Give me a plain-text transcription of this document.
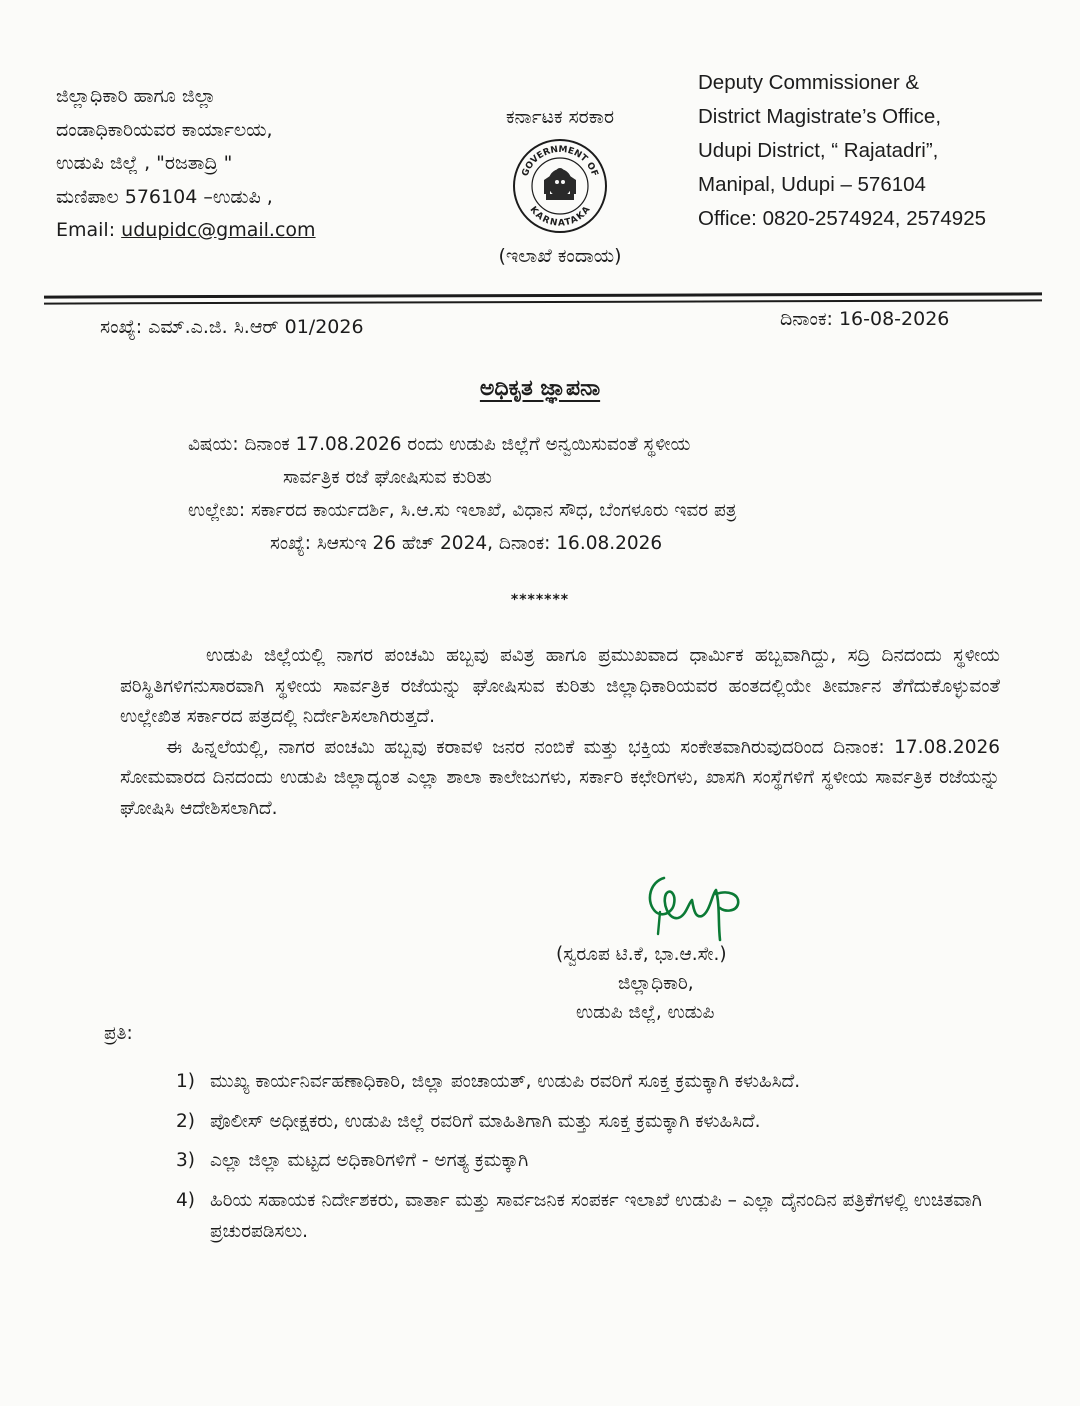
ಜಿಲ್ಲಾಧಿಕಾರಿ ಹಾಗೂ ಜಿಲ್ಲಾ
ದಂಡಾಧಿಕಾರಿಯವರ ಕಾರ್ಯಾಲಯ,
ಉಡುಪಿ ಜಿಲ್ಲೆ , "ರಜತಾದ್ರಿ "
ಮಣಿಪಾಲ 576104 –ಉಡುಪಿ ,
Email: udupidc@gmail.com
ಕರ್ನಾಟಕ ಸರಕಾರ
GOVERNMENT OF
KARNATAKA
(ಇಲಾಖೆ ಕಂದಾಯ)
Deputy Commissioner &
District Magistrate’s Office,
Udupi District, “ Rajatadri”,
Manipal, Udupi – 576104
Office: 0820-2574924, 2574925
ಸಂಖ್ಯೆ: ಎಮ್.ಎ.ಜಿ. ಸಿ.ಆರ್ 01/2026	ದಿನಾಂಕ: 16-08-2026
ಅಧಿಕೃತ ಜ್ಞಾಪನಾ
ವಿಷಯ: ದಿನಾಂಕ 17.08.2026 ರಂದು ಉಡುಪಿ ಜಿಲ್ಲೆಗೆ ಅನ್ವಯಿಸುವಂತೆ ಸ್ಥಳೀಯ
ಸಾರ್ವತ್ರಿಕ ರಜೆ ಘೋಷಿಸುವ ಕುರಿತು
ಉಲ್ಲೇಖ: ಸರ್ಕಾರದ ಕಾರ್ಯದರ್ಶಿ, ಸಿ.ಆ.ಸು ಇಲಾಖೆ, ವಿಧಾನ ಸೌಧ, ಬೆಂಗಳೂರು ಇವರ ಪತ್ರ
ಸಂಖ್ಯೆ: ಸಿಆಸುಇ 26 ಹೆಚ್ 2024, ದಿನಾಂಕ: 16.08.2026
*******

ಉಡುಪಿ ಜಿಲ್ಲೆಯಲ್ಲಿ ನಾಗರ ಪಂಚಮಿ ಹಬ್ಬವು ಪವಿತ್ರ ಹಾಗೂ ಪ್ರಮುಖವಾದ ಧಾರ್ಮಿಕ ಹಬ್ಬವಾಗಿದ್ದು, ಸದ್ರಿ ದಿನದಂದು ಸ್ಥಳೀಯ ಪರಿಸ್ಥಿತಿಗಳಿಗನುಸಾರವಾಗಿ ಸ್ಥಳೀಯ ಸಾರ್ವತ್ರಿಕ ರಜೆಯನ್ನು ಘೋಷಿಸುವ ಕುರಿತು ಜಿಲ್ಲಾಧಿಕಾರಿಯವರ ಹಂತದಲ್ಲಿಯೇ ತೀರ್ಮಾನ ತೆಗೆದುಕೊಳ್ಳುವಂತೆ ಉಲ್ಲೇಖಿತ ಸರ್ಕಾರದ ಪತ್ರದಲ್ಲಿ ನಿರ್ದೇಶಿಸಲಾಗಿರುತ್ತದೆ.

ಈ ಹಿನ್ನಲೆಯಲ್ಲಿ, ನಾಗರ ಪಂಚಮಿ ಹಬ್ಬವು ಕರಾವಳಿ ಜನರ ನಂಬಿಕೆ ಮತ್ತು ಭಕ್ತಿಯ ಸಂಕೇತವಾಗಿರುವುದರಿಂದ ದಿನಾಂಕ: 17.08.2026 ಸೋಮವಾರದ ದಿನದಂದು ಉಡುಪಿ ಜಿಲ್ಲಾದ್ಯಂತ ಎಲ್ಲಾ ಶಾಲಾ ಕಾಲೇಜುಗಳು, ಸರ್ಕಾರಿ ಕಛೇರಿಗಳು, ಖಾಸಗಿ ಸಂಸ್ಥೆಗಳಿಗೆ ಸ್ಥಳೀಯ ಸಾರ್ವತ್ರಿಕ ರಜೆಯನ್ನು ಘೋಷಿಸಿ ಆದೇಶಿಸಲಾಗಿದೆ.

(ಸ್ವರೂಪ ಟಿ.ಕೆ, ಭಾ.ಆ.ಸೇ.)
ಜಿಲ್ಲಾಧಿಕಾರಿ,
ಉಡುಪಿ ಜಿಲ್ಲೆ, ಉಡುಪಿ
ಪ್ರತಿ:
1) ಮುಖ್ಯ ಕಾರ್ಯನಿರ್ವಹಣಾಧಿಕಾರಿ, ಜಿಲ್ಲಾ ಪಂಚಾಯತ್, ಉಡುಪಿ ರವರಿಗೆ ಸೂಕ್ತ ಕ್ರಮಕ್ಕಾಗಿ ಕಳುಹಿಸಿದೆ.
2) ಪೊಲೀಸ್ ಅಧೀಕ್ಷಕರು, ಉಡುಪಿ ಜಿಲ್ಲೆ ರವರಿಗೆ ಮಾಹಿತಿಗಾಗಿ ಮತ್ತು ಸೂಕ್ತ ಕ್ರಮಕ್ಕಾಗಿ ಕಳುಹಿಸಿದೆ.
3) ಎಲ್ಲಾ ಜಿಲ್ಲಾ ಮಟ್ಟದ ಅಧಿಕಾರಿಗಳಿಗೆ - ಅಗತ್ಯ ಕ್ರಮಕ್ಕಾಗಿ
4) ಹಿರಿಯ ಸಹಾಯಕ ನಿರ್ದೇಶಕರು, ವಾರ್ತಾ ಮತ್ತು ಸಾರ್ವಜನಿಕ ಸಂಪರ್ಕ ಇಲಾಖೆ ಉಡುಪಿ – ಎಲ್ಲಾ ದೈನಂದಿನ ಪತ್ರಿಕೆಗಳಲ್ಲಿ ಉಚಿತವಾಗಿ ಪ್ರಚುರಪಡಿಸಲು.
